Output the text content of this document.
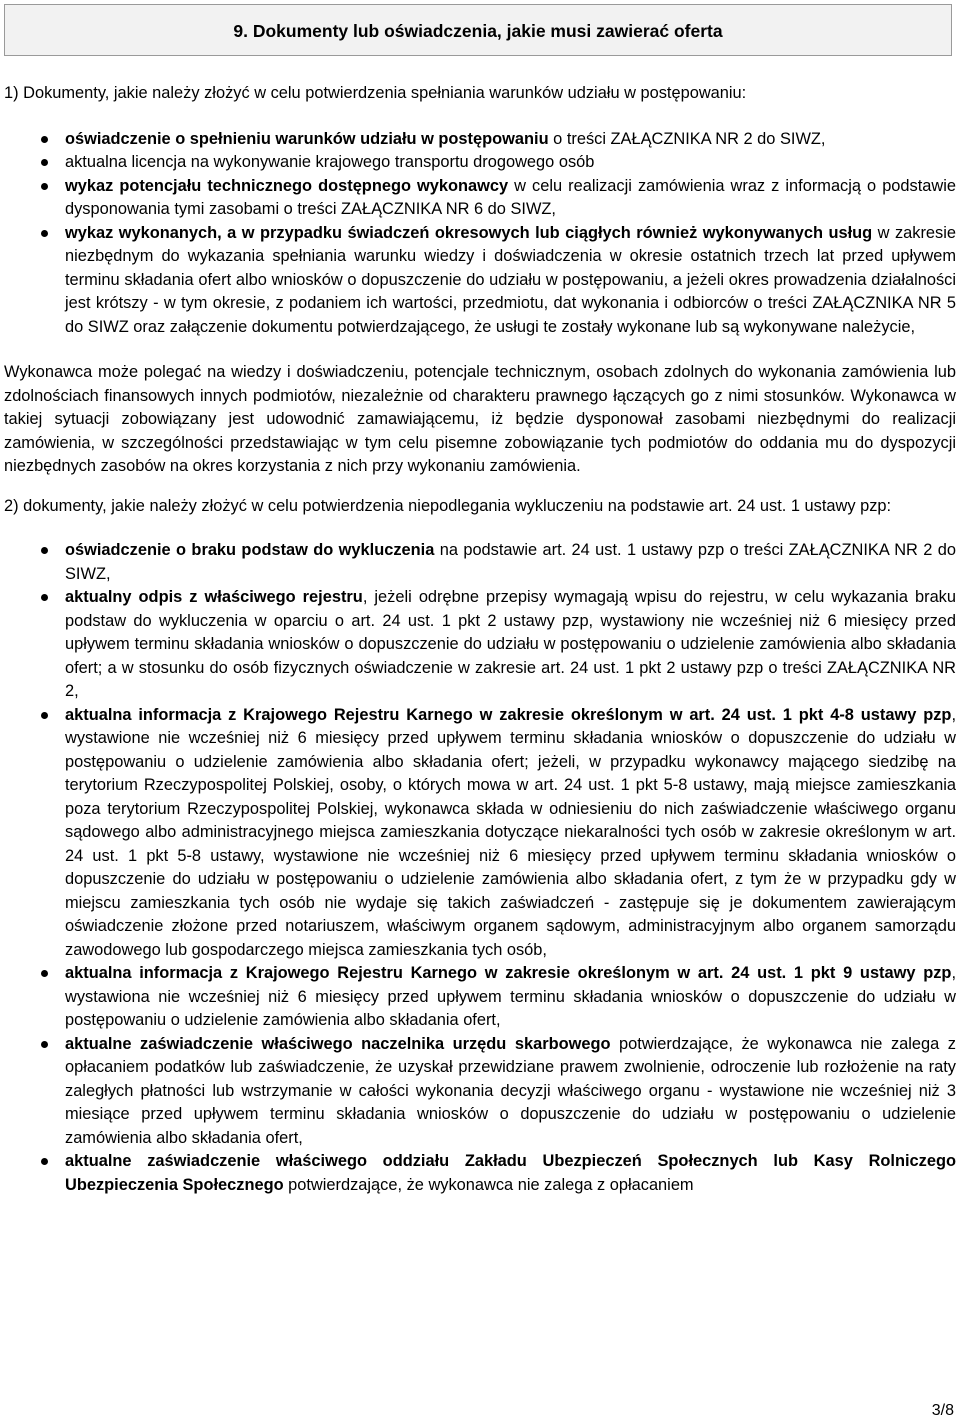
9. Dokumenty lub oświadczenia, jakie musi zawierać oferta

1) Dokumenty, jakie należy złożyć w celu potwierdzenia spełniania warunków udziału w postępowaniu:

oświadczenie o spełnieniu warunków udziału w postępowaniu o treści ZAŁĄCZNIKA NR 2 do SIWZ,
aktualna licencja na wykonywanie krajowego transportu drogowego osób
wykaz potencjału technicznego dostępnego wykonawcy w celu realizacji zamówienia wraz z informacją o podstawie dysponowania tymi zasobami o treści ZAŁĄCZNIKA NR 6 do SIWZ,
wykaz wykonanych, a w przypadku świadczeń okresowych lub ciągłych również wykonywanych usług w zakresie niezbędnym do wykazania spełniania warunku wiedzy i doświadczenia w okresie ostatnich trzech lat przed upływem terminu składania ofert albo wniosków o dopuszczenie do udziału w postępowaniu, a jeżeli okres prowadzenia działalności jest krótszy - w tym okresie, z podaniem ich wartości, przedmiotu, dat wykonania i odbiorców o treści ZAŁĄCZNIKA NR 5 do SIWZ oraz załączenie dokumentu potwierdzającego, że usługi te zostały wykonane lub są wykonywane należycie,

Wykonawca może polegać na wiedzy i doświadczeniu, potencjale technicznym, osobach zdolnych do wykonania zamówienia lub zdolnościach finansowych innych podmiotów, niezależnie od charakteru prawnego łączących go z nimi stosunków. Wykonawca w takiej sytuacji zobowiązany jest udowodnić zamawiającemu, iż będzie dysponował zasobami niezbędnymi do realizacji zamówienia, w szczególności przedstawiając w tym celu pisemne zobowiązanie tych podmiotów do oddania mu do dyspozycji niezbędnych zasobów na okres korzystania z nich przy wykonaniu zamówienia.

2) dokumenty, jakie należy złożyć w celu potwierdzenia niepodlegania wykluczeniu na podstawie art. 24 ust. 1 ustawy pzp:

oświadczenie o braku podstaw do wykluczenia na podstawie art. 24 ust. 1 ustawy pzp o treści ZAŁĄCZNIKA NR 2 do SIWZ,
aktualny odpis z właściwego rejestru, jeżeli odrębne przepisy wymagają wpisu do rejestru, w celu wykazania braku podstaw do wykluczenia w oparciu o art. 24 ust. 1 pkt 2 ustawy pzp, wystawiony nie wcześniej niż 6 miesięcy przed upływem terminu składania wniosków o dopuszczenie do udziału w postępowaniu o udzielenie zamówienia albo składania ofert; a w stosunku do osób fizycznych oświadczenie w zakresie art. 24 ust. 1 pkt 2 ustawy pzp o treści ZAŁĄCZNIKA NR 2,
aktualna informacja z Krajowego Rejestru Karnego w zakresie określonym w art. 24 ust. 1 pkt 4-8 ustawy pzp, wystawione nie wcześniej niż 6 miesięcy przed upływem terminu składania wniosków o dopuszczenie do udziału w postępowaniu o udzielenie zamówienia albo składania ofert; jeżeli, w przypadku wykonawcy mającego siedzibę na terytorium Rzeczypospolitej Polskiej, osoby, o których mowa w art. 24 ust. 1 pkt 5-8 ustawy, mają miejsce zamieszkania poza terytorium Rzeczypospolitej Polskiej, wykonawca składa w odniesieniu do nich zaświadczenie właściwego organu sądowego albo administracyjnego miejsca zamieszkania dotyczące niekaralności tych osób w zakresie określonym w art. 24 ust. 1 pkt 5-8 ustawy, wystawione nie wcześniej niż 6 miesięcy przed upływem terminu składania wniosków o dopuszczenie do udziału w postępowaniu o udzielenie zamówienia albo składania ofert, z tym że w przypadku gdy w miejscu zamieszkania tych osób nie wydaje się takich zaświadczeń - zastępuje się je dokumentem zawierającym oświadczenie złożone przed notariuszem, właściwym organem sądowym, administracyjnym albo organem samorządu zawodowego lub gospodarczego miejsca zamieszkania tych osób,
aktualna informacja z Krajowego Rejestru Karnego w zakresie określonym w art. 24 ust. 1 pkt 9 ustawy pzp, wystawiona nie wcześniej niż 6 miesięcy przed upływem terminu składania wniosków o dopuszczenie do udziału w postępowaniu o udzielenie zamówienia albo składania ofert,
aktualne zaświadczenie właściwego naczelnika urzędu skarbowego potwierdzające, że wykonawca nie zalega z opłacaniem podatków lub zaświadczenie, że uzyskał przewidziane prawem zwolnienie, odroczenie lub rozłożenie na raty zaległych płatności lub wstrzymanie w całości wykonania decyzji właściwego organu - wystawione nie wcześniej niż 3 miesiące przed upływem terminu składania wniosków o dopuszczenie do udziału w postępowaniu o udzielenie zamówienia albo składania ofert,
aktualne zaświadczenie właściwego oddziału Zakładu Ubezpieczeń Społecznych lub Kasy Rolniczego Ubezpieczenia Społecznego potwierdzające, że wykonawca nie zalega z opłacaniem
3/8
